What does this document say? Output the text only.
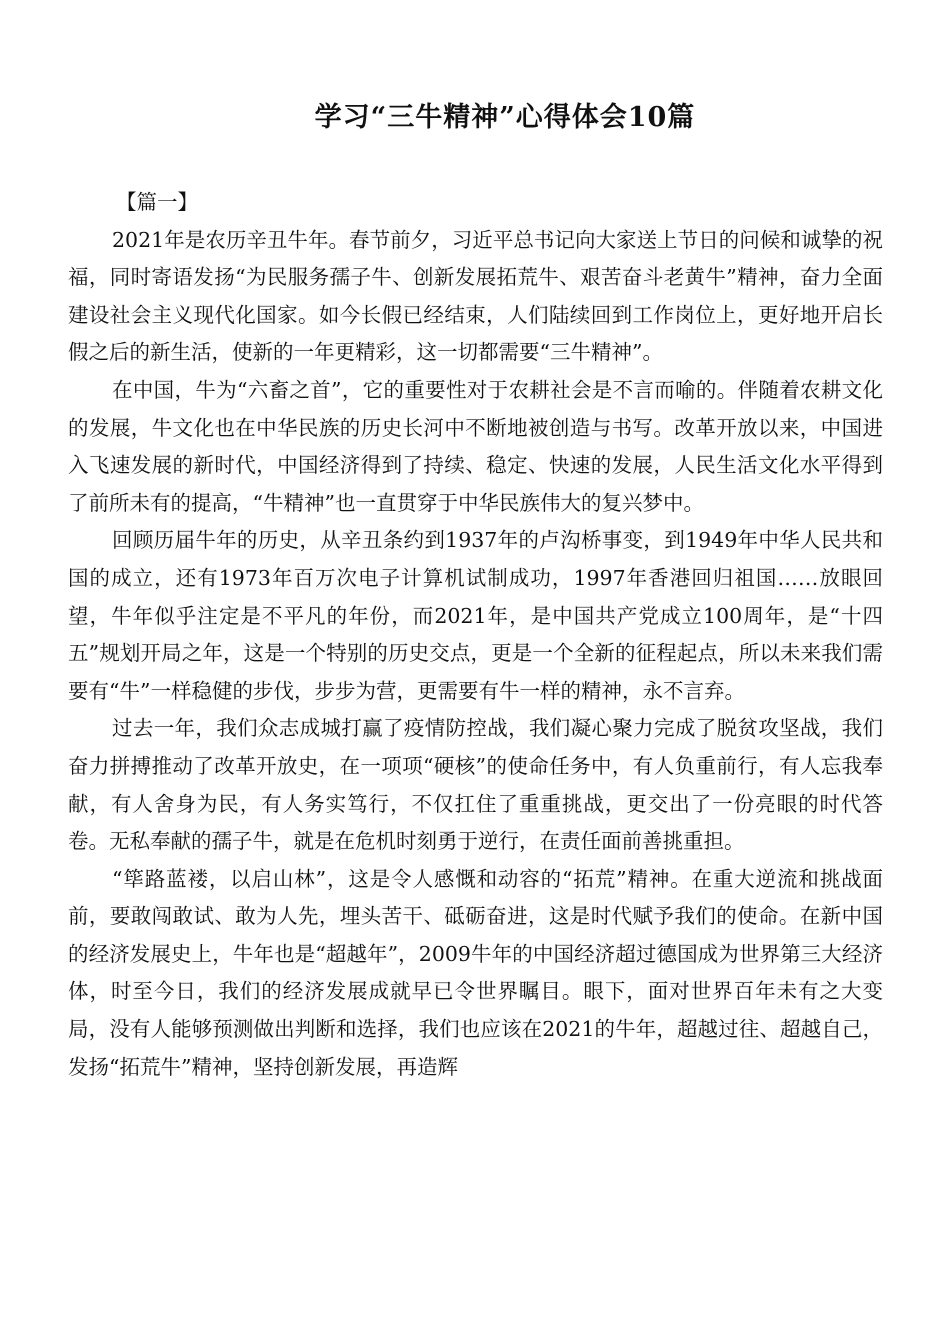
学习“三牛精神”心得体会10篇

【篇一】

2021年是农历辛丑牛年。春节前夕，习近平总书记向大家送上节日的问候和诚挚的祝福，同时寄语发扬“为民服务孺子牛、创新发展拓荒牛、艰苦奋斗老黄牛”精神，奋力全面建设社会主义现代化国家。如今长假已经结束，人们陆续回到工作岗位上，更好地开启长假之后的新生活，使新的一年更精彩，这一切都需要“三牛精神”。

在中国，牛为“六畜之首”，它的重要性对于农耕社会是不言而喻的。伴随着农耕文化的发展，牛文化也在中华民族的历史长河中不断地被创造与书写。改革开放以来，中国进入飞速发展的新时代，中国经济得到了持续、稳定、快速的发展，人民生活文化水平得到了前所未有的提高，“牛精神”也一直贯穿于中华民族伟大的复兴梦中。

回顾历届牛年的历史，从辛丑条约到1937年的卢沟桥事变，到1949年中华人民共和国的成立，还有1973年百万次电子计算机试制成功，1997年香港回归祖国……放眼回望，牛年似乎注定是不平凡的年份，而2021年，是中国共产党成立100周年，是“十四五”规划开局之年，这是一个特别的历史交点，更是一个全新的征程起点，所以未来我们需要有“牛”一样稳健的步伐，步步为营，更需要有牛一样的精神，永不言弃。

过去一年，我们众志成城打赢了疫情防控战，我们凝心聚力完成了脱贫攻坚战，我们奋力拼搏推动了改革开放史，在一项项“硬核”的使命任务中，有人负重前行，有人忘我奉献，有人舍身为民，有人务实笃行，不仅扛住了重重挑战，更交出了一份亮眼的时代答卷。无私奉献的孺子牛，就是在危机时刻勇于逆行，在责任面前善挑重担。

“筚路蓝褛，以启山林”，这是令人感慨和动容的“拓荒”精神。在重大逆流和挑战面前，要敢闯敢试、敢为人先，埋头苦干、砥砺奋进，这是时代赋予我们的使命。在新中国的经济发展史上，牛年也是“超越年”，2009牛年的中国经济超过德国成为世界第三大经济体，时至今日，我们的经济发展成就早已令世界瞩目。眼下，面对世界百年未有之大变局，没有人能够预测做出判断和选择，我们也应该在2021的牛年，超越过往、超越自己，发扬“拓荒牛”精神，坚持创新发展，再造辉
